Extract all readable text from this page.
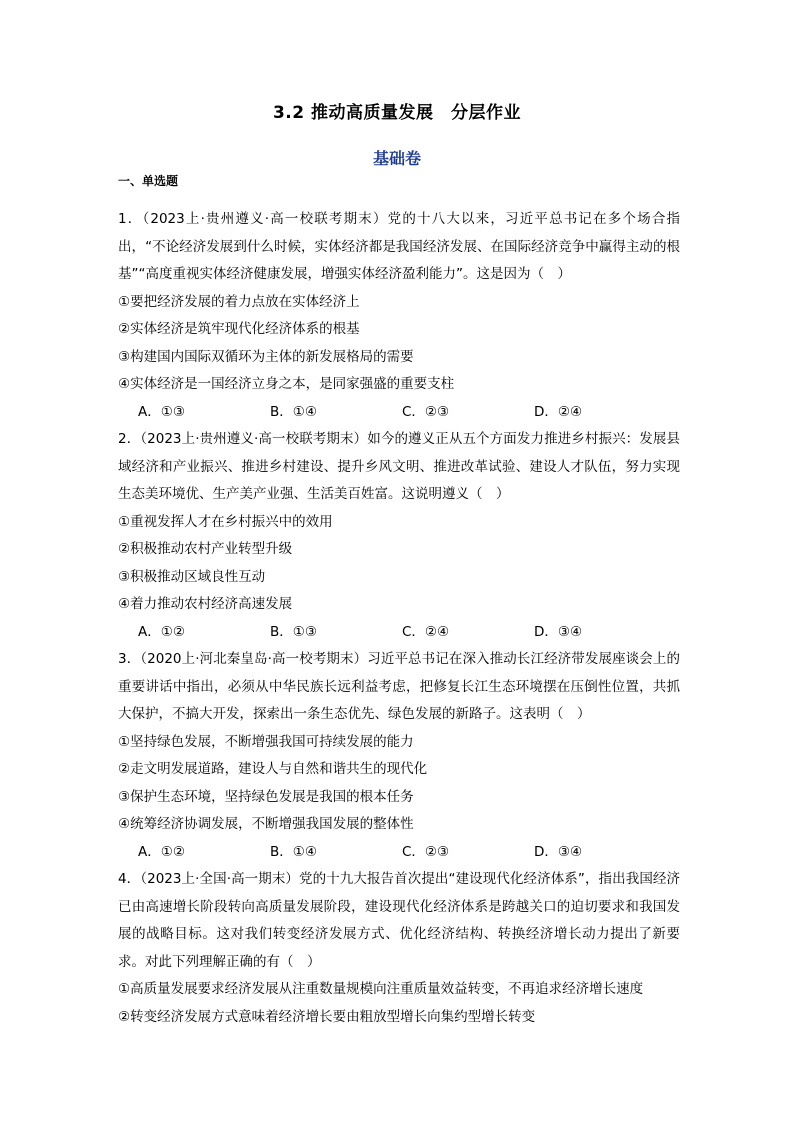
3.2 推动高质量发展　分层作业
基础卷
一、单选题

1．（2023上·贵州遵义·高一校联考期末）党的十八大以来，习近平总书记在多个场合指出，“不论经济发展到什么时候，实体经济都是我国经济发展、在国际经济竞争中赢得主动的根基”“高度重视实体经济健康发展，增强实体经济盈利能力”。这是因为（　）

①要把经济发展的着力点放在实体经济上
②实体经济是筑牢现代化经济体系的根基
③构建国内国际双循环为主体的新发展格局的需要
④实体经济是一国经济立身之本，是同家强盛的重要支柱
A．①③	B．①④	C．②③	D．②④

2．（2023上·贵州遵义·高一校联考期末）如今的遵义正从五个方面发力推进乡村振兴：发展县域经济和产业振兴、推进乡村建设、提升乡风文明、推进改革试验、建设人才队伍，努力实现生态美环境优、生产美产业强、生活美百姓富。这说明遵义（　）

①重视发挥人才在乡村振兴中的效用
②积极推动农村产业转型升级
③积极推动区域良性互动
④着力推动农村经济高速发展
A．①②	B．①③	C．②④	D．③④

3．（2020上·河北秦皇岛·高一校考期末）习近平总书记在深入推动长江经济带发展座谈会上的重要讲话中指出，必须从中华民族长远利益考虑，把修复长江生态环境摆在压倒性位置，共抓大保护，不搞大开发，探索出一条生态优先、绿色发展的新路子。这表明（　）

①坚持绿色发展，不断增强我国可持续发展的能力
②走文明发展道路，建设人与自然和谐共生的现代化
③保护生态环境，坚持绿色发展是我国的根本任务
④统筹经济协调发展，不断增强我国发展的整体性
A．①②	B．①④	C．②③	D．③④

4．（2023上·全国·高一期末）党的十九大报告首次提出“建设现代化经济体系”，指出我国经济已由高速增长阶段转向高质量发展阶段，建设现代化经济体系是跨越关口的迫切要求和我国发展的战略目标。这对我们转变经济发展方式、优化经济结构、转换经济增长动力提出了新要求。对此下列理解正确的有（　）

①高质量发展要求经济发展从注重数量规模向注重质量效益转变，不再追求经济增长速度
②转变经济发展方式意味着经济增长要由粗放型增长向集约型增长转变
